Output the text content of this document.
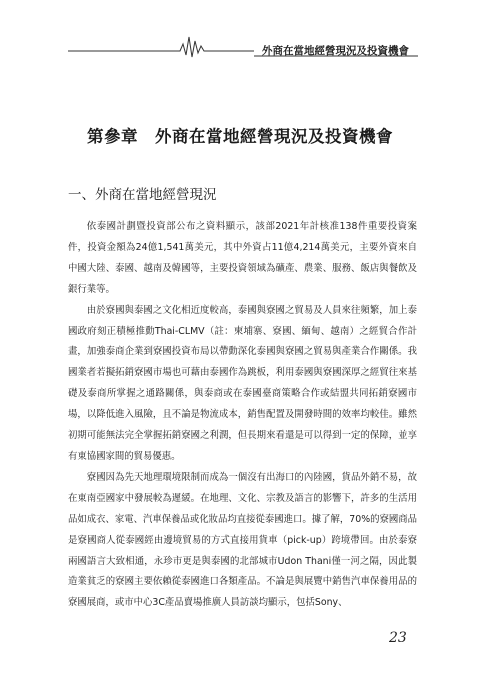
外商在當地經營現況及投資機會
第參章　外商在當地經營現況及投資機會
一、外商在當地經營現況

依泰國計劃暨投資部公布之資料顯示，該部2021年計核准138件重要投資案件，投資金額為24億1,541萬美元，其中外資占11億4,214萬美元，主要外資來自中國大陸、泰國、越南及韓國等，主要投資領域為礦產、農業、服務、飯店與餐飲及銀行業等。

由於寮國與泰國之文化相近度較高，泰國與寮國之貿易及人員來往頻繁，加上泰國政府刻正積極推動Thai-CLMV（註：柬埔寨、寮國、緬甸、越南）之經貿合作計畫，加強泰商企業到寮國投資布局以帶動深化泰國與寮國之貿易與產業合作關係。我國業者若擬拓銷寮國市場也可藉由泰國作為跳板，利用泰國與寮國深厚之經貿往來基礎及泰商所掌握之通路關係，與泰商或在泰國臺商策略合作或結盟共同拓銷寮國市場，以降低進入風險，且不論是物流成本，銷售配置及開發時間的效率均較佳。雖然初期可能無法完全掌握拓銷寮國之利潤，但長期來看還是可以得到一定的保障，並享有東協國家間的貿易優惠。

寮國因為先天地理環境限制而成為一個沒有出海口的內陸國，貨品外銷不易，故在東南亞國家中發展較為遲緩。在地理、文化、宗教及語言的影響下，許多的生活用品如成衣、家電、汽車保養品或化妝品均直接從泰國進口。據了解，70%的寮國商品是寮國商人從泰國經由邊境貿易的方式直接用貨車（pick-up）跨境帶回。由於泰寮兩國語言大致相通，永珍市更是與泰國的北部城市Udon Thani僅一河之隔，因此製造業貧乏的寮國主要依賴從泰國進口各類產品。不論是與展覽中銷售汽車保養用品的寮國展商，或市中心3C產品賣場推廣人員訪談均顯示，包括Sony、

23
